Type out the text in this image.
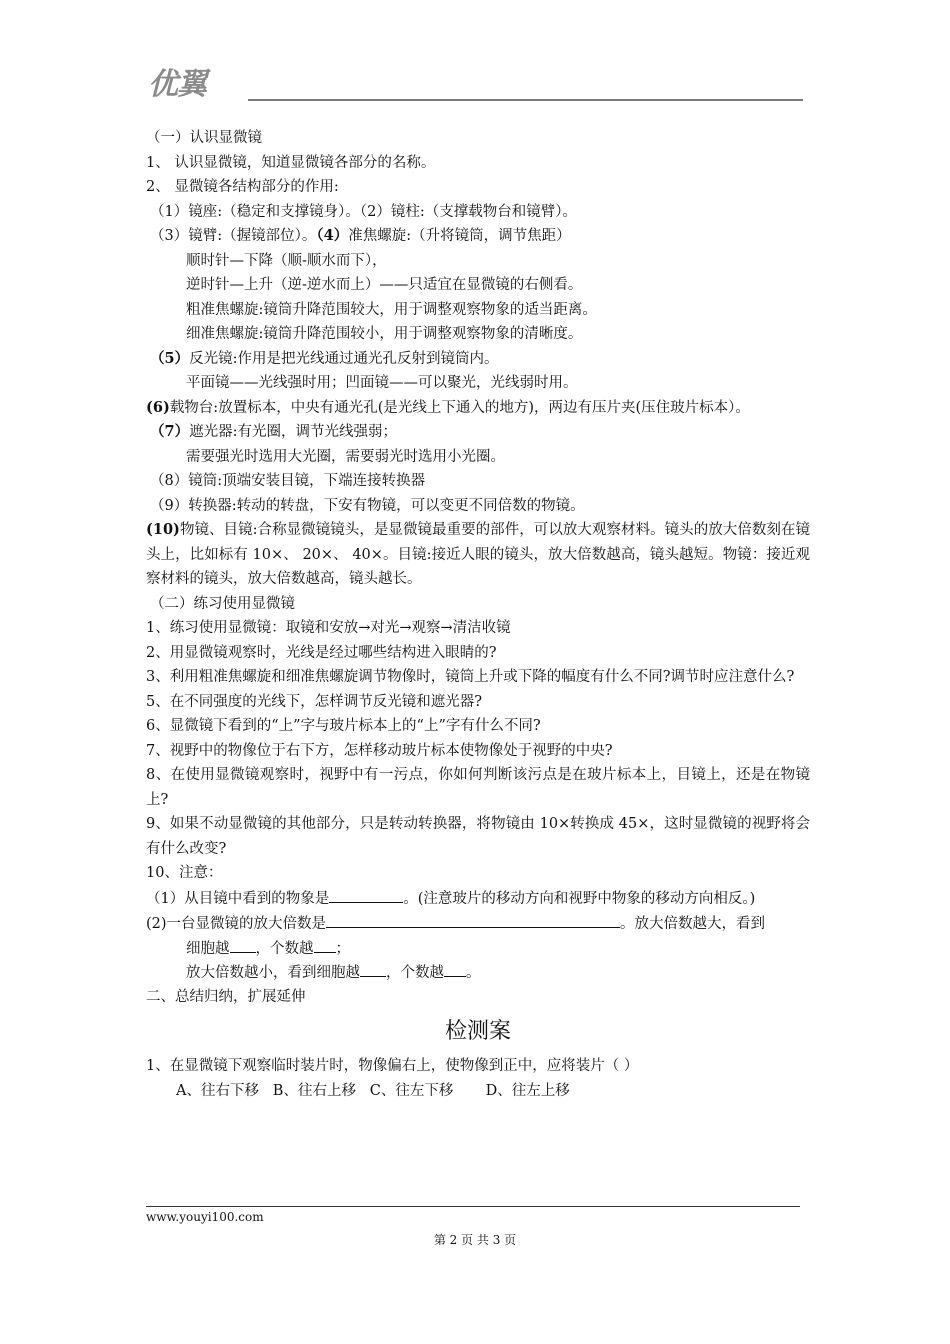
优翼
（一）认识显微镜
1、 认识显微镜，知道显微镜各部分的名称。
2、 显微镜各结构部分的作用:
（1）镜座:（稳定和支撑镜身）。（2）镜柱:（支撑载物台和镜臂）。
（3）镜臂:（握镜部位）。（4）准焦螺旋:（升将镜筒，调节焦距）
顺时针—下降（顺-顺水而下），
逆时针—上升（逆-逆水而上）——只适宜在显微镜的右侧看。
粗准焦螺旋:镜筒升降范围较大，用于调整观察物象的适当距离。
细准焦螺旋:镜筒升降范围较小，用于调整观察物象的清晰度。
（5）反光镜:作用是把光线通过通光孔反射到镜筒内。
平面镜——光线强时用；凹面镜——可以聚光，光线弱时用。
(6)载物台:放置标本，中央有通光孔(是光线上下通入的地方)，两边有压片夹(压住玻片标本）。
（7）遮光器:有光圈，调节光线强弱；
需要强光时选用大光圈，需要弱光时选用小光圈。
（8）镜筒:顶端安装目镜，下端连接转换器
（9）转换器:转动的转盘，下安有物镜，可以变更不同倍数的物镜。
(10)物镜、目镜:合称显微镜镜头，是显微镜最重要的部件，可以放大观察材料。镜头的放大倍数刻在镜头上，比如标有 10×、 20×、 40×。目镜:接近人眼的镜头，放大倍数越高，镜头越短。物镜：接近观察材料的镜头，放大倍数越高，镜头越长。
（二）练习使用显微镜
1、练习使用显微镜：取镜和安放→对光→观察→清洁收镜
2、用显微镜观察时，光线是经过哪些结构进入眼睛的?
3、利用粗准焦螺旋和细准焦螺旋调节物像时，镜筒上升或下降的幅度有什么不同?调节时应注意什么?
5、在不同强度的光线下，怎样调节反光镜和遮光器?
6、显微镜下看到的“上”字与玻片标本上的“上”字有什么不同?
7、视野中的物像位于右下方，怎样移动玻片标本使物像处于视野的中央?
8、在使用显微镜观察时，视野中有一污点，你如何判断该污点是在玻片标本上，目镜上，还是在物镜上?
9、如果不动显微镜的其他部分，只是转动转换器，将物镜由 10×转换成 45×，这时显微镜的视野将会有什么改变?
10、注意：
（1）从目镜中看到的物象是	。(注意玻片的移动方向和视野中物象的移动方向相反。)
(2)一台显微镜的放大倍数是	。放大倍数越大，看到
细胞越 ，个数越 ；
放大倍数越小，看到细胞越 ，个数越 。
二、总结归纳，扩展延伸
检测案
1、在显微镜下观察临时装片时，物像偏右上，使物像到正中，应将装片（ ）
A、往右下移   B、往右上移   C、往左下移       D、往左上移
www.youyi100.com
第 2 页 共 3 页
